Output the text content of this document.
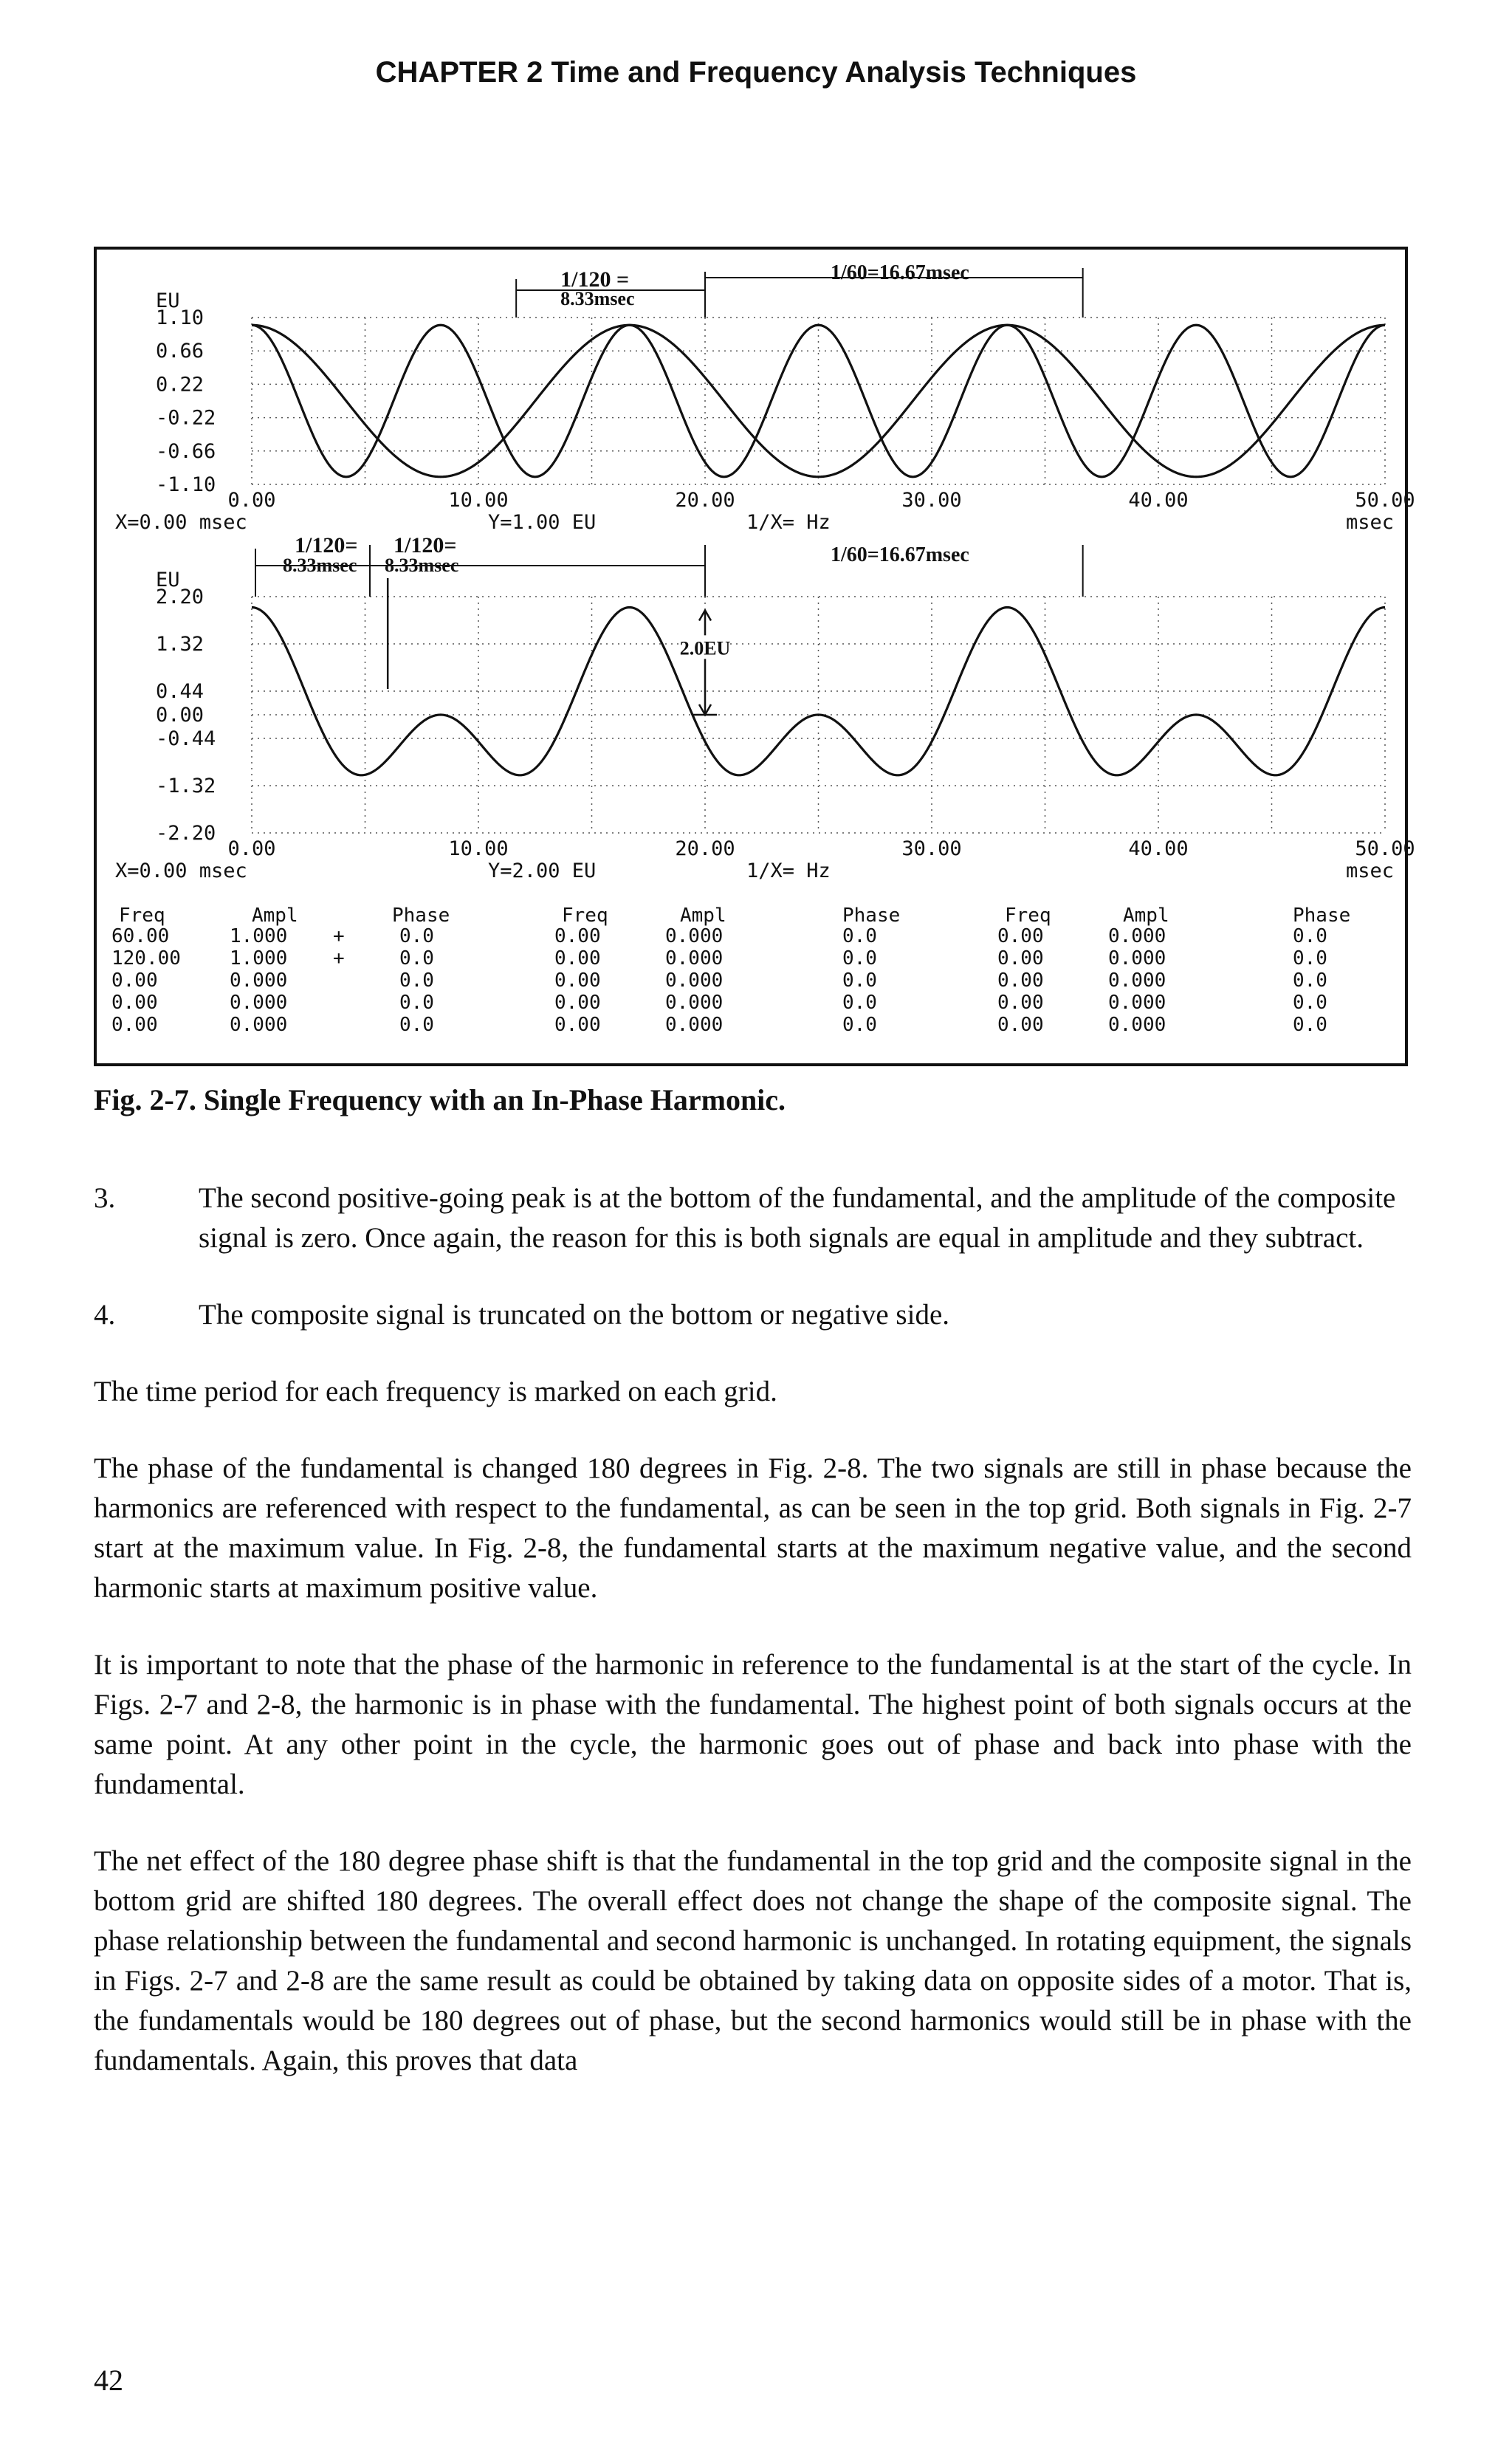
CHAPTER 2 Time and Frequency Analysis Techniques
1.10
0.66
0.22
-0.22
-0.66
-1.10
EU
0.00	10.00	20.00	30.00	40.00	50.00
msec
X=0.00 msec	Y=1.00 EU	1/X= Hz
2.20
1.32
0.44
0.00
-0.44
-1.32
-2.20
EU
0.00	10.00	20.00	30.00	40.00	50.00
msec
X=0.00 msec	Y=2.00 EU	1/X= Hz
1/120 =
8.33msec
1/60=16.67msec
1/120=
8.33msec
1/120=
8.33msec	1/60=16.67msec
2.0EU
Freq	Ampl	Phase	Freq	Ampl	Phase	Freq	Ampl	Phase
60.00	1.000 +	0.0	0.00	0.000	0.0	0.00	0.000	0.0
120.00	1.000 +	0.0	0.00	0.000	0.0	0.00	0.000	0.0
0.00	0.000	0.0	0.00	0.000	0.0	0.00	0.000	0.0
0.00	0.000	0.0	0.00	0.000	0.0	0.00	0.000	0.0
0.00	0.000	0.0	0.00	0.000	0.0	0.00	0.000	0.0
Fig. 2-7. Single Frequency with an In-Phase Harmonic.
3.	The second positive-going peak is at the bottom of the fundamental, and the amplitude of the composite signal is zero. Once again, the reason for this is both signals are equal in amplitude and they subtract.
4.	The composite signal is truncated on the bottom or negative side.

The time period for each frequency is marked on each grid.

The phase of the fundamental is changed 180 degrees in Fig. 2-8. The two signals are still in phase because the harmonics are referenced with respect to the fundamental, as can be seen in the top grid. Both signals in Fig. 2-7 start at the maximum value. In Fig. 2-8, the fundamental starts at the maximum negative value, and the second harmonic starts at maximum positive value.

It is important to note that the phase of the harmonic in reference to the fundamental is at the start of the cycle. In Figs. 2-7 and 2-8, the harmonic is in phase with the fundamental. The highest point of both signals occurs at the same point. At any other point in the cycle, the harmonic goes out of phase and back into phase with the fundamental.

The net effect of the 180 degree phase shift is that the fundamental in the top grid and the composite signal in the bottom grid are shifted 180 degrees. The overall effect does not change the shape of the composite signal. The phase relationship between the fundamental and second harmonic is unchanged. In rotating equipment, the signals in Figs. 2-7 and 2-8 are the same result as could be obtained by taking data on opposite sides of a motor. That is, the fundamentals would be 180 degrees out of phase, but the second harmonics would still be in phase with the fundamentals. Again, this proves that data

42
